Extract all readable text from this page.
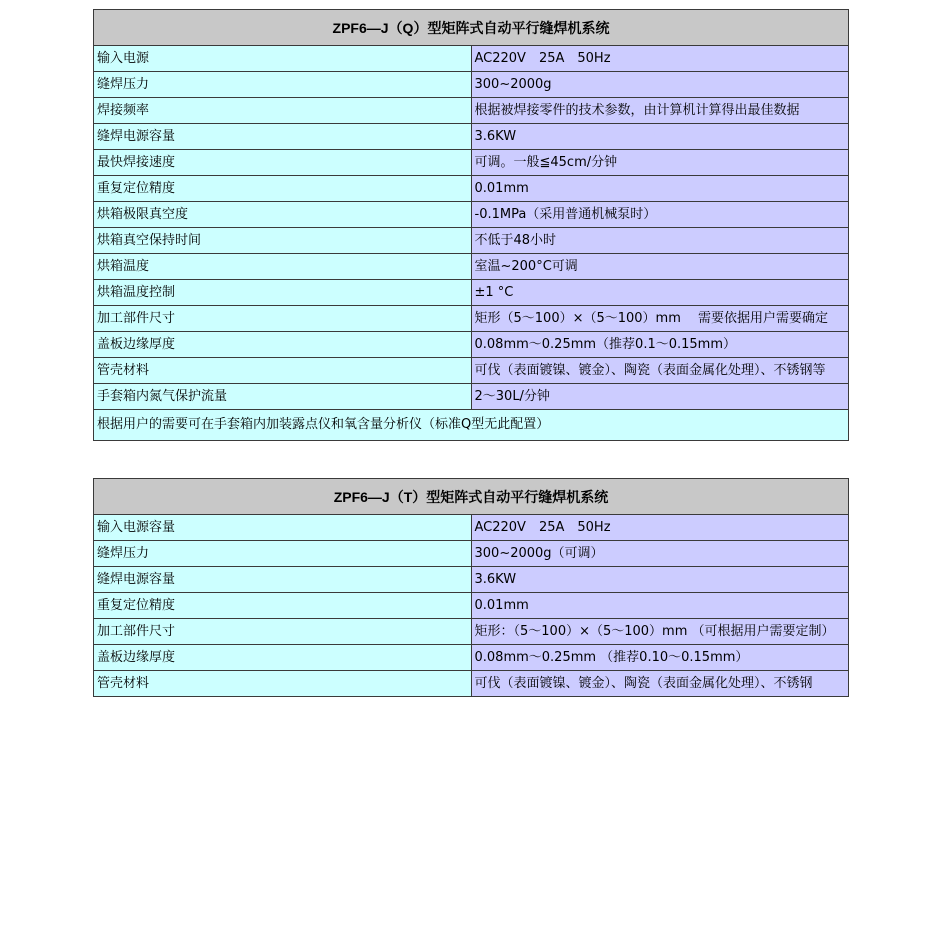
ZPF6—J（Q）型矩阵式自动平行缝焊机系统	
输入电源	AC220V　25A　50Hz
缝焊压力	300~2000g
焊接频率	根据被焊接零件的技术参数，由计算机计算得出最佳数据
缝焊电源容量	3.6KW
最快焊接速度	可调。一般≦45cm/分钟
重复定位精度	0.01mm
烘箱极限真空度	-0.1MPa（采用普通机械泵时）
烘箱真空保持时间	不低于48小时
烘箱温度	室温~200°C可调
烘箱温度控制	±1 °C
加工部件尺寸	矩形（5～100）×（5～100）mm　 需要依据用户需要确定
盖板边缘厚度	0.08mm～0.25mm（推荐0.1～0.15mm）
管壳材料	可伐（表面镀镍、镀金）、陶瓷（表面金属化处理）、不锈钢等
手套箱内氮气保护流量	2～30L/分钟
根据用户的需要可在手套箱内加装露点仪和氧含量分析仪（标准Q型无此配置）	
ZPF6—J（T）型矩阵式自动平行缝焊机系统	
输入电源容量	AC220V　25A　50Hz
缝焊压力	300~2000g（可调）
缝焊电源容量	3.6KW
重复定位精度	0.01mm
加工部件尺寸	矩形：（5～100）×（5～100）mm （可根据用户需要定制）
盖板边缘厚度	0.08mm～0.25mm （推荐0.10～0.15mm）
管壳材料	可伐（表面镀镍、镀金）、陶瓷（表面金属化处理）、不锈钢
